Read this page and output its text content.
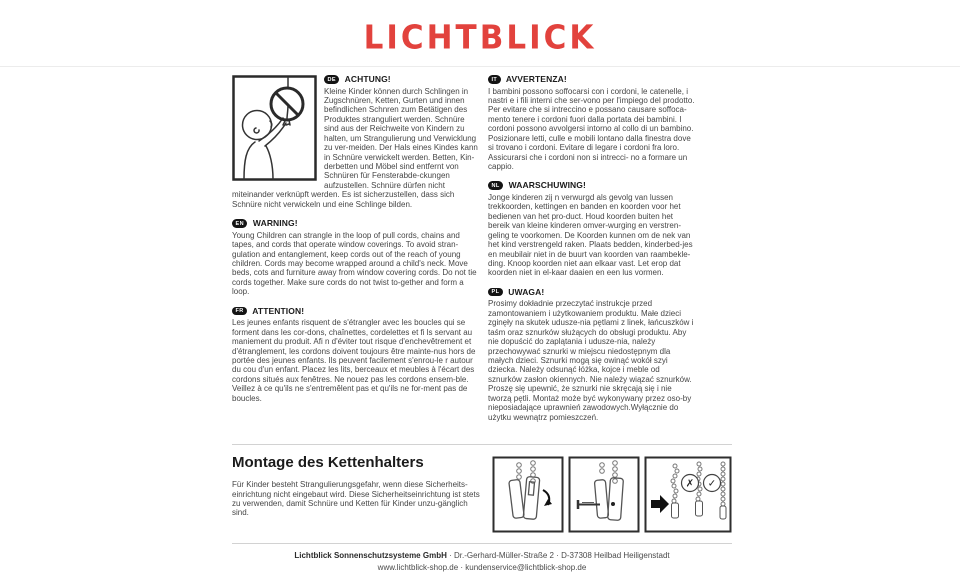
LICHTBLICK
DE ACHTUNG!

Kleine Kinder können durch Schlingen in Zugschnüren, Ketten, Gurten und innen befindlichen Schnren zum Betätigen des Produktes stranguliert werden. Schnüre sind aus der Reichweite von Kindern zu halten, um Strangulierung und Verwicklung zu ver-meiden. Der Hals eines Kindes kann in Schnüre verwickelt werden. Betten, Kin-derbetten und Möbel sind entfernt von Schnüren für Fensterabde-ckungen aufzustellen. Schnüre dürfen nicht miteinander verknüpft werden. Es ist sicherzustellen, dass sich Schnüre nicht verwickeln und eine Schlinge bilden.

EN WARNING!

Young Children can strangle in the loop of pull cords, chains and tapes, and cords that operate window coverings. To avoid stran-gulation and entanglement, keep cords out of the reach of young children. Cords may become wrapped around a child's neck. Move beds, cots and furniture away from window covering cords. Do not tie cords together. Make sure cords do not twist to-gether and form a loop.

FR ATTENTION!

Les jeunes enfants risquent de s'étrangler avec les boucles qui se forment dans les cor-dons, chaînettes, cordelettes et fi ls servant au maniement du produit. Afi n d'éviter tout risque d'enchevêtrement et d'étranglement, les cordons doivent toujours être mainte-nus hors de portée des jeunes enfants. Ils peuvent facilement s'enrou-le r autour du cou d'un enfant. Placez les lits, berceaux et meubles à l'écart des cordons situés aux fenêtres. Ne nouez pas les cordons ensem-ble. Veillez à ce qu'ils ne s'entremêlent pas et qu'ils ne for-ment pas de boucles.

IT AVVERTENZA!

I bambini possono soffocarsi con i cordoni, le catenelle, i nastri e i fili interni che ser-vono per l'impiego del prodotto. Per evitare che si intreccino e possano causare soffoca-mento tenere i cordoni fuori dalla portata dei bambini. I cordoni possono avvolgersi intorno al collo di un bambino. Posizionare letti, culle e mobili lontano dalla finestra dove si trovano i cordoni. Evitare di legare i cordoni fra loro. Assicurarsi che i cordoni non si intrecci- no a formare un cappio.

NL WAARSCHUWING!

Jonge kinderen zij n verwurgd als gevolg van lussen trekkoorden, kettingen en banden en koorden voor het bedienen van het pro-duct. Houd koorden buiten het bereik van kleine kinderen omver-wurging en verstren-geling te voorkomen. De Koorden kunnen om de nek van het kind verstrengeld raken. Plaats bedden, kinderbed-jes en meubilair niet in de buurt van koorden van raambekle-ding. Knoop koorden niet aan elkaar vast. Let erop dat koorden niet in el-kaar daaien en een lus vormen.

PL UWAGA!

Prosimy dokładnie przeczytać instrukcje przed zamontowaniem i użytkowaniem produktu. Małe dzieci zginęły na skutek udusze-nia pętlami z linek, łańcuszków i taśm oraz sznurków służących do obsługi produktu. Aby nie dopuścić do zaplątania i udusze-nia, należy przechowywać sznurki w miejscu niedostępnym dla małych dzieci. Sznurki mogą się owinąć wokół szyi dziecka. Należy odsunąć łóżka, kojce i meble od sznurków zasłon okiennych. Nie należy wiązać sznurków. Proszę się upewnić, że sznurki nie skręcają się i nie tworzą pętli. Montaż może być wykonywany przez oso-by nieposiadające uprawnień zawodowych.Wyłącznie do użytku wewnątrz pomieszczeń.

Montage des Kettenhalters

Für Kinder besteht Strangulierungsgefahr, wenn diese Sicherheits-einrichtung nicht eingebaut wird. Diese Sicherheitseinrichtung ist stets zu verwenden, damit Schnüre und Ketten für Kinder unzu-gänglich sind.

✗ ✓
Lichtblick Sonnenschutzsysteme GmbH · Dr.-Gerhard-Müller-Straße 2 · D-37308 Heilbad Heiligenstadt
www.lichtblick-shop.de · kundenservice@lichtblick-shop.de
